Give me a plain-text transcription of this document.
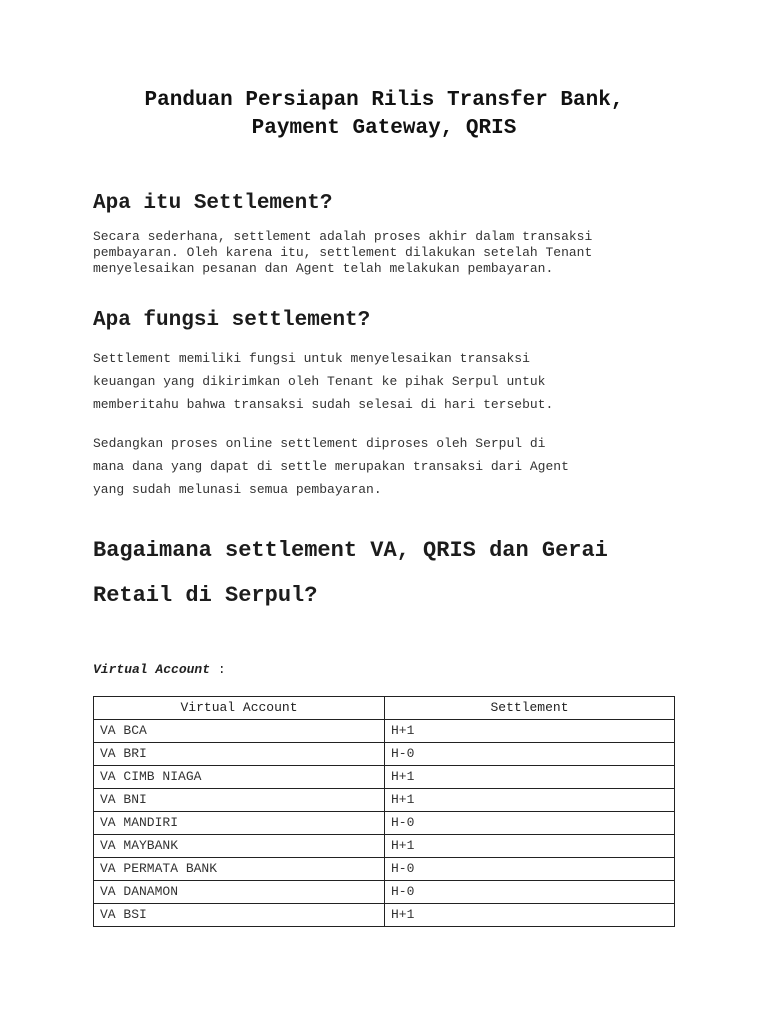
Panduan Persiapan Rilis Transfer Bank,
Payment Gateway, QRIS
Apa itu Settlement?

Secara sederhana, settlement adalah proses akhir dalam transaksi
pembayaran. Oleh karena itu, settlement dilakukan setelah Tenant
menyelesaikan pesanan dan Agent telah melakukan pembayaran.

Apa fungsi settlement?

Settlement memiliki fungsi untuk menyelesaikan transaksi
keuangan yang dikirimkan oleh Tenant ke pihak Serpul untuk
memberitahu bahwa transaksi sudah selesai di hari tersebut.

Sedangkan proses online settlement diproses oleh Serpul di
mana dana yang dapat di settle merupakan transaksi dari Agent
yang sudah melunasi semua pembayaran.

Bagaimana settlement VA, QRIS dan Gerai
Retail di Serpul?

Virtual Account :

Virtual Account	Settlement
VA BCA	H+1
VA BRI	H-0
VA CIMB NIAGA	H+1
VA BNI	H+1
VA MANDIRI	H-0
VA MAYBANK	H+1
VA PERMATA BANK	H-0
VA DANAMON	H-0
VA BSI	H+1
